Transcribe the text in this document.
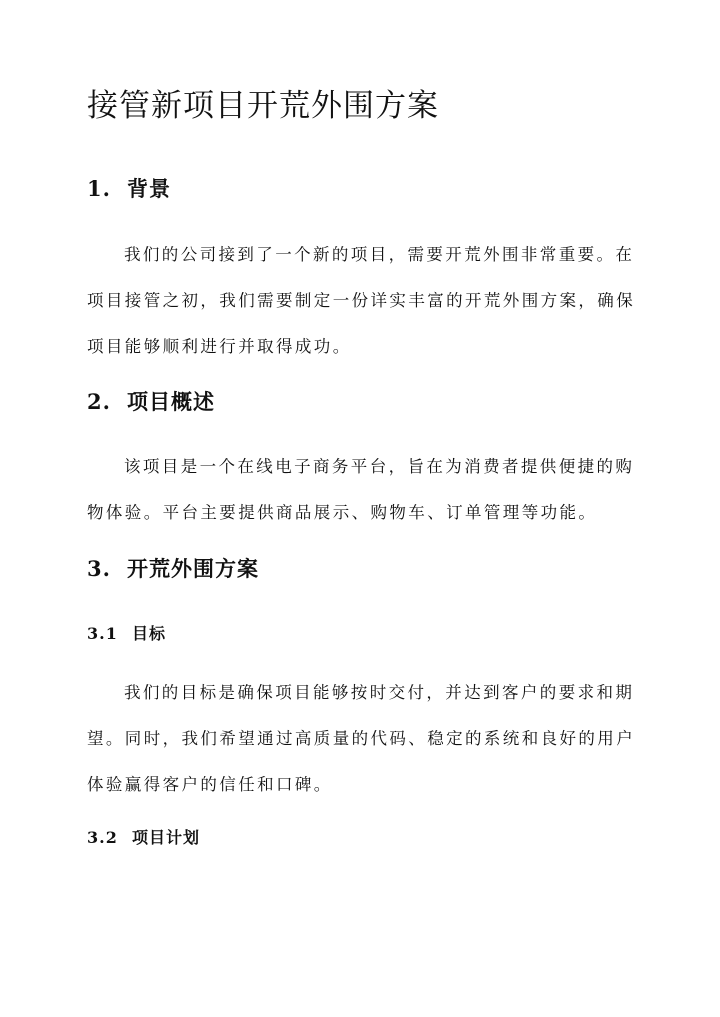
接管新项目开荒外围方案
1. 背景
我们的公司接到了一个新的项目，需要开荒外围非常重要。在
项目接管之初，我们需要制定一份详实丰富的开荒外围方案，确保
项目能够顺利进行并取得成功。
2. 项目概述
该项目是一个在线电子商务平台，旨在为消费者提供便捷的购
物体验。平台主要提供商品展示、购物车、订单管理等功能。
3. 开荒外围方案
3.1 目标
我们的目标是确保项目能够按时交付，并达到客户的要求和期
望。同时，我们希望通过高质量的代码、稳定的系统和良好的用户
体验赢得客户的信任和口碑。
3.2 项目计划
